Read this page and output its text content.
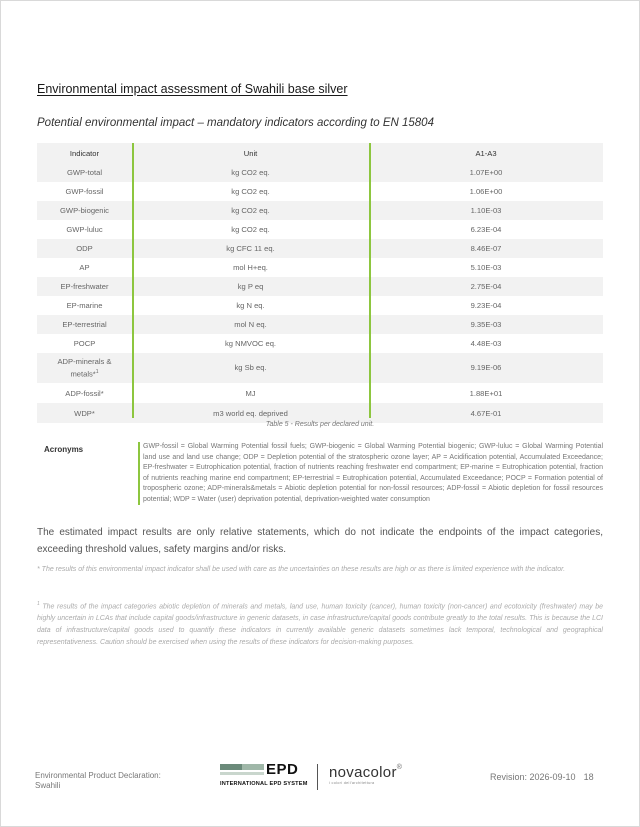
Environmental impact assessment of Swahili base silver
Potential environmental impact – mandatory indicators according to EN 15804
Indicator	Unit	A1-A3
GWP-total	kg CO2 eq.	1.07E+00
GWP-fossil	kg CO2 eq.	1.06E+00
GWP-biogenic	kg CO2 eq.	1.10E-03
GWP-luluc	kg CO2 eq.	6.23E-04
ODP	kg CFC 11 eq.	8.46E-07
AP	mol H+eq.	5.10E-03
EP-freshwater	kg P eq	2.75E-04
EP-marine	kg N eq.	9.23E-04
EP-terrestrial	mol N eq.	9.35E-03
POCP	kg NMVOC eq.	4.48E-03
ADP-minerals &
metals*$^1$	kg Sb eq.	9.19E-06
ADP-fossil*	MJ	1.88E+01
WDP*	m3 world eq. deprived	4.67E-01
Table 5 - Results per declared unit.
Acronyms	GWP-fossil = Global Warming Potential fossil fuels; GWP-biogenic = Global Warming Potential biogenic; GWP-luluc = Global Warming Potential land use and land use change; ODP = Depletion potential of the stratospheric ozone layer; AP = Acidification potential, Accumulated Exceedance; EP-freshwater = Eutrophication potential, fraction of nutrients reaching freshwater end compartment; EP-marine = Eutrophication potential, fraction of nutrients reaching marine end compartment; EP-terrestrial = Eutrophication potential, Accumulated Exceedance; POCP = Formation potential of tropospheric ozone; ADP-minerals&metals = Abiotic depletion potential for non-fossil resources; ADP-fossil = Abiotic depletion for fossil resources potential; WDP = Water (user) deprivation potential, deprivation-weighted water consumption
The estimated impact results are only relative statements, which do not indicate the endpoints of the impact categories, exceeding threshold values, safety margins and/or risks.
* The results of this environmental impact indicator shall be used with care as the uncertainties on these results are high or as there is limited experience with the indicator.
$^1$ The results of the impact categories abiotic depletion of minerals and metals, land use, human toxicity (cancer), human toxicity (non-cancer) and ecotoxicity (freshwater) may be highly uncertain in LCAs that include capital goods/infrastructure in generic datasets, in case infrastructure/capital goods contribute greatly to the total results. This is because the LCI data of infrastructure/capital goods used to quantify these indicators in currently available generic datasets sometimes lack temporal, technological and geographical representativeness. Caution should be exercised when using the results of these indicators for decision-making purposes.
Environmental Product Declaration:
Swahili
EPD
INTERNATIONAL EPD SYSTEM
novacolor®
i colori dell'architettura
Revision: 2026-09-10 18
